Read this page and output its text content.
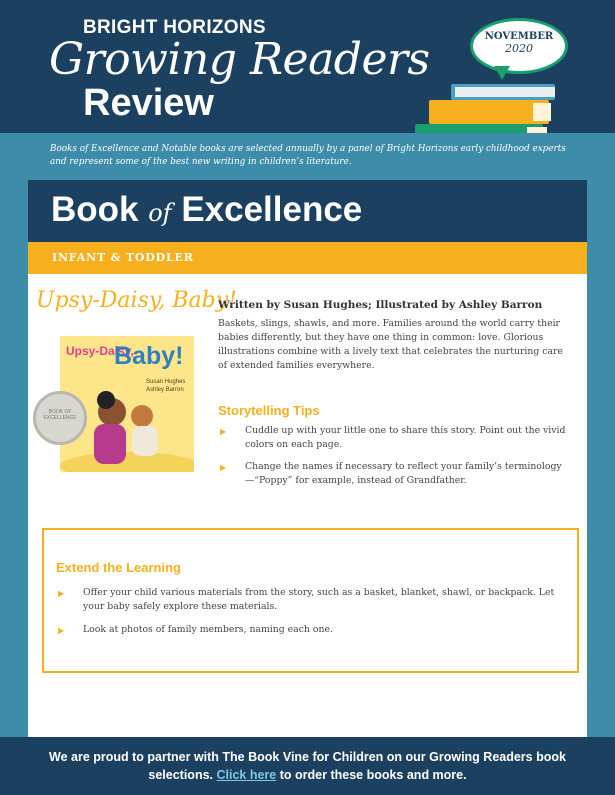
BRIGHT HORIZONS
Growing Readers
Review
NOVEMBER
2020
Books of Excellence and Notable books are selected annually by a panel of Bright Horizons early childhood experts and represent some of the best new writing in children’s literature.
Book of Excellence
INFANT & TODDLER
Upsy-Daisy, Baby!
Upsy-Daisy,
Baby!
Susan Hughes
Ashley Barron
BOOK OF EXCELLENCE
Written by Susan Hughes; Illustrated by Ashley Barron
Baskets, slings, shawls, and more. Families around the world carry their babies differently, but they have one thing in common: love. Glorious illustrations combine with a lively text that celebrates the nurturing care of extended families everywhere.
Storytelling Tips
▶ Cuddle up with your little one to share this story. Point out the vivid colors on each page.
▶ Change the names if necessary to reflect your family’s terminology—“Poppy” for example, instead of Grandfather.
Extend the Learning
▶ Offer your child various materials from the story, such as a basket, blanket, shawl, or backpack. Let your baby safely explore these materials.
▶ Look at photos of family members, naming each one.
We are proud to partner with The Book Vine for Children on our Growing Readers book selections. Click here to order these books and more.
